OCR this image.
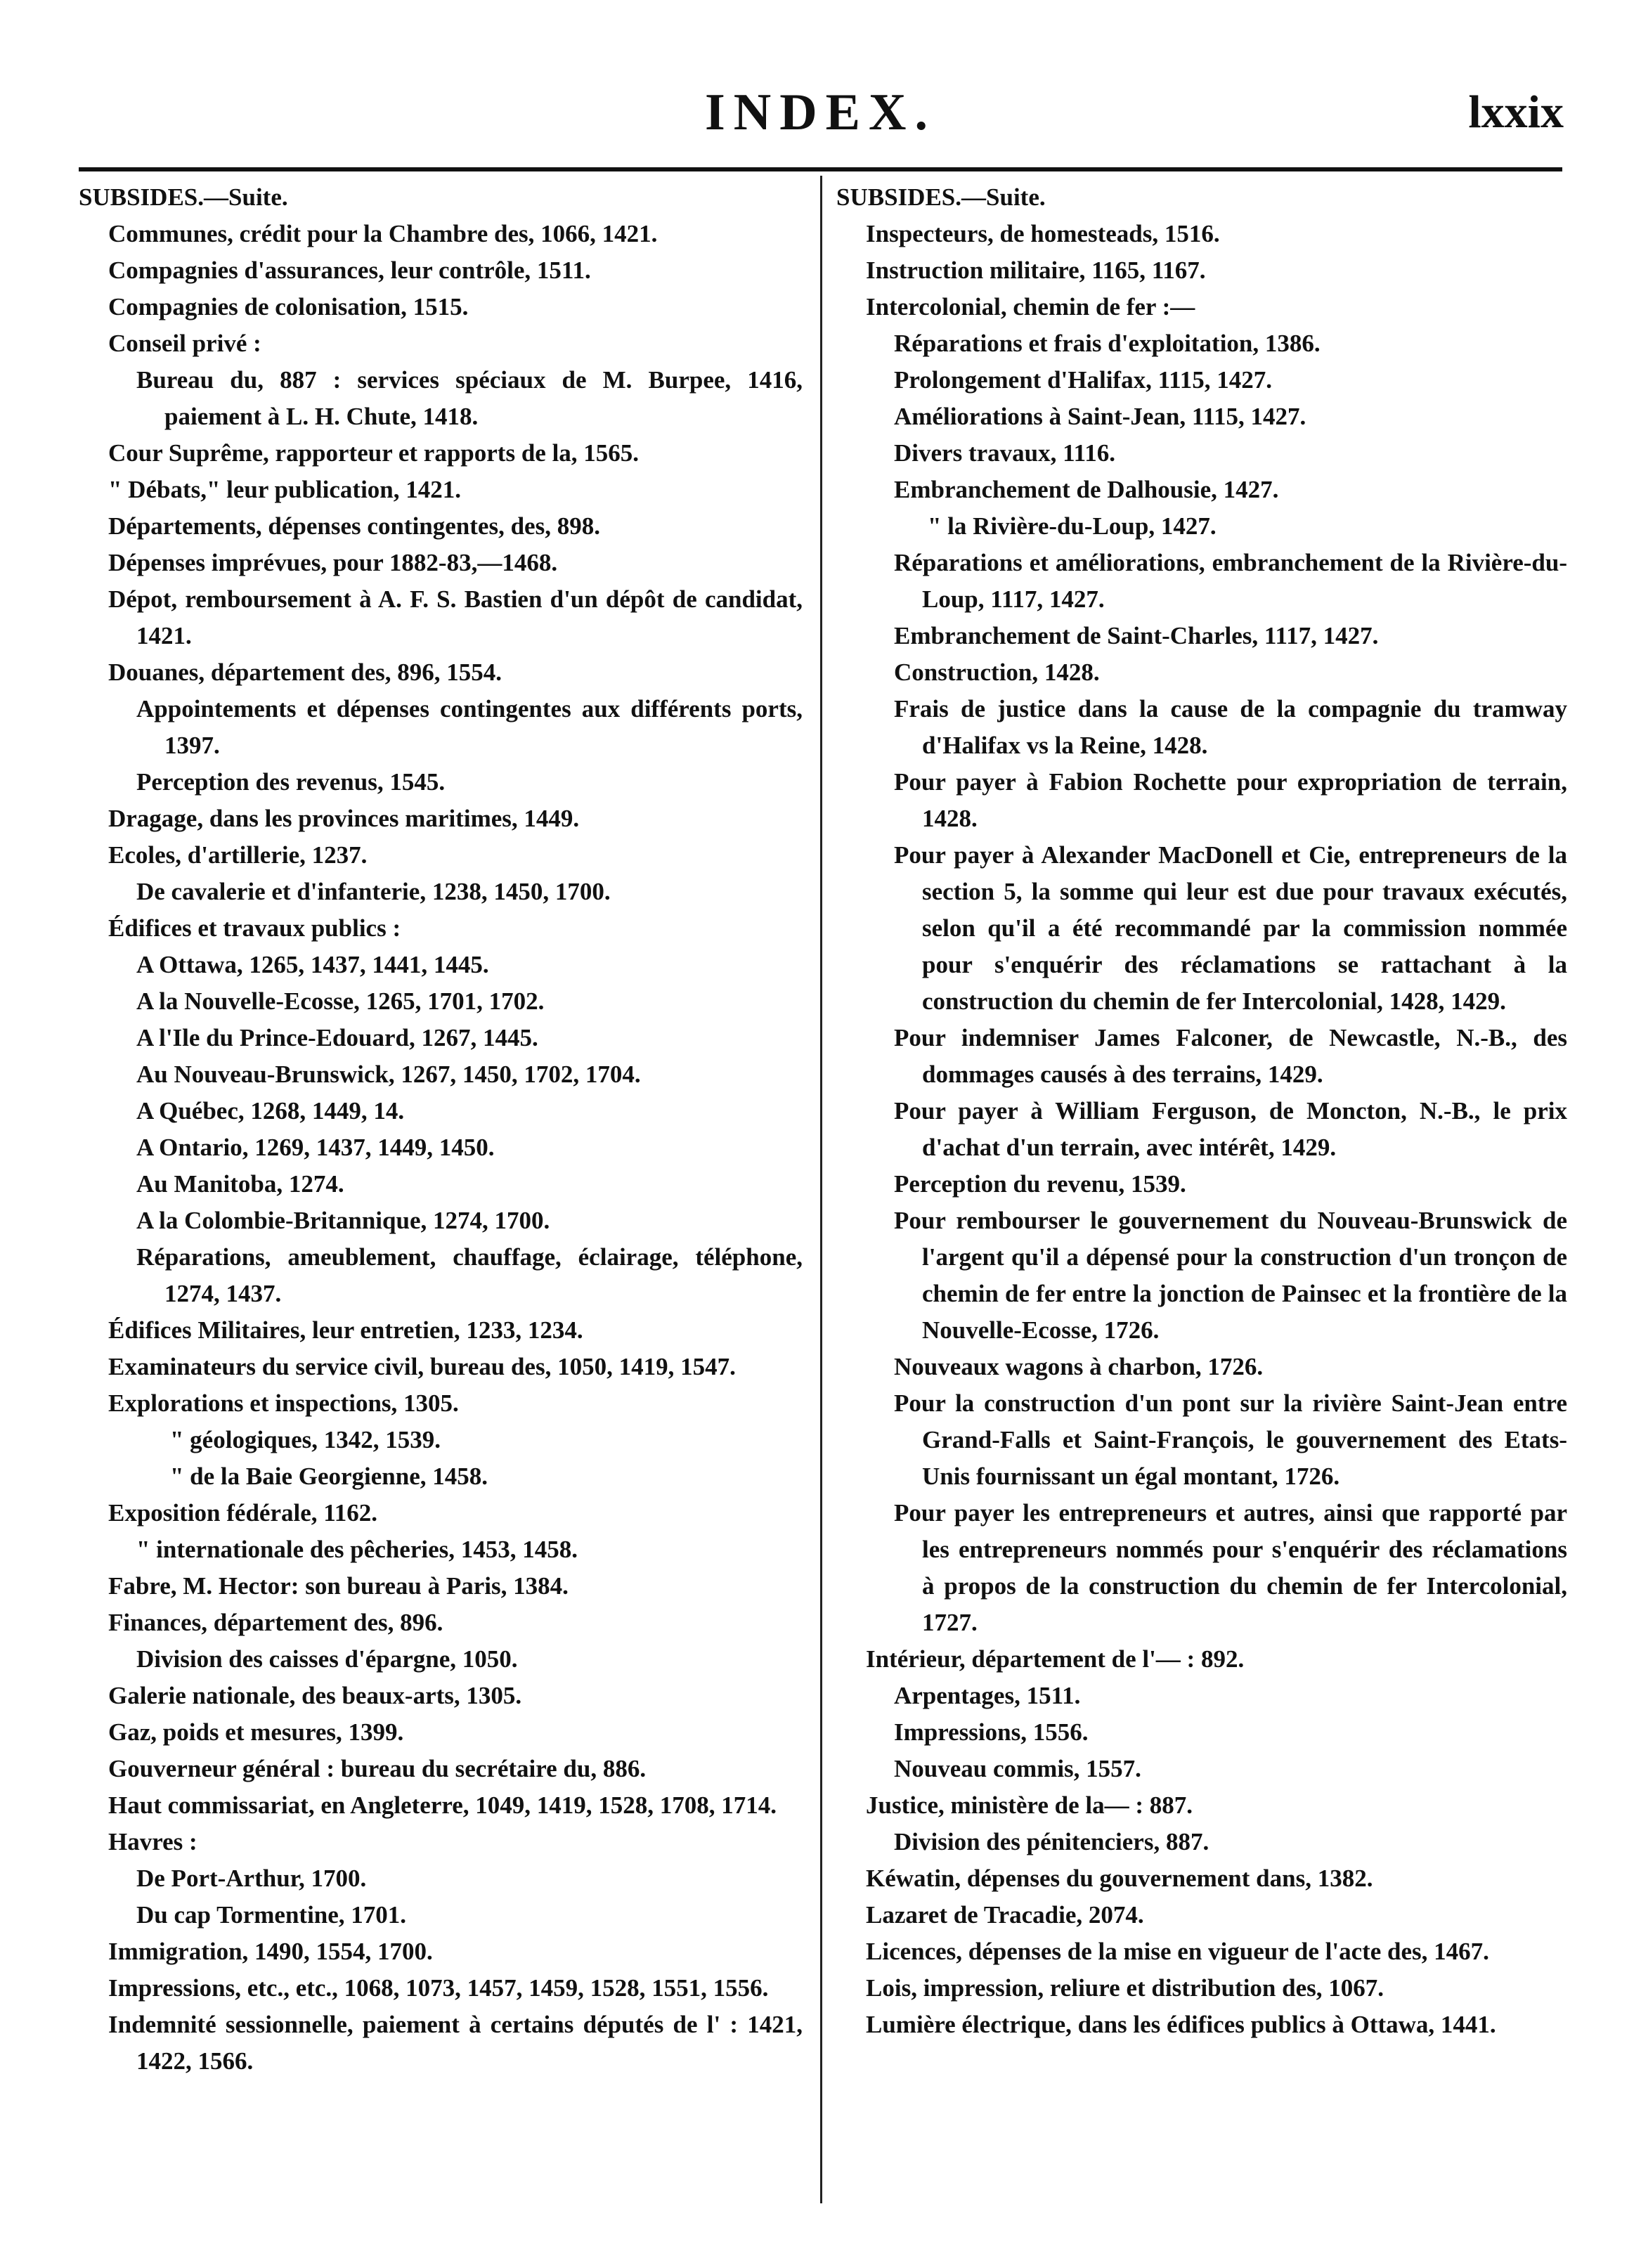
INDEX.	lxxix

SUBSIDES.—Suite.

Communes, crédit pour la Chambre des, 1066, 1421.

Compagnies d'assurances, leur contrôle, 1511.

Compagnies de colonisation, 1515.

Conseil privé :

Bureau du, 887 : services spéciaux de M. Burpee, 1416, paiement à L. H. Chute, 1418.

Cour Suprême, rapporteur et rapports de la, 1565.

" Débats," leur publication, 1421.

Départements, dépenses contingentes, des, 898.

Dépenses imprévues, pour 1882-83,—1468.

Dépot, remboursement à A. F. S. Bastien d'un dépôt de candidat, 1421.

Douanes, département des, 896, 1554.

Appointements et dépenses contingentes aux différents ports, 1397.

Perception des revenus, 1545.

Dragage, dans les provinces maritimes, 1449.

Ecoles, d'artillerie, 1237.

De cavalerie et d'infanterie, 1238, 1450, 1700.

Édifices et travaux publics :

A Ottawa, 1265, 1437, 1441, 1445.

A la Nouvelle-Ecosse, 1265, 1701, 1702.

A l'Ile du Prince-Edouard, 1267, 1445.

Au Nouveau-Brunswick, 1267, 1450, 1702, 1704.

A Québec, 1268, 1449, 14.

A Ontario, 1269, 1437, 1449, 1450.

Au Manitoba, 1274.

A la Colombie-Britannique, 1274, 1700.

Réparations, ameublement, chauffage, éclairage, téléphone, 1274, 1437.

Édifices Militaires, leur entretien, 1233, 1234.

Examinateurs du service civil, bureau des, 1050, 1419, 1547.

Explorations et inspections, 1305.

" géologiques, 1342, 1539.

" de la Baie Georgienne, 1458.

Exposition fédérale, 1162.

" internationale des pêcheries, 1453, 1458.

Fabre, M. Hector: son bureau à Paris, 1384.

Finances, département des, 896.

Division des caisses d'épargne, 1050.

Galerie nationale, des beaux-arts, 1305.

Gaz, poids et mesures, 1399.

Gouverneur général : bureau du secrétaire du, 886.

Haut commissariat, en Angleterre, 1049, 1419, 1528, 1708, 1714.

Havres :

De Port-Arthur, 1700.

Du cap Tormentine, 1701.

Immigration, 1490, 1554, 1700.

Impressions, etc., etc., 1068, 1073, 1457, 1459, 1528, 1551, 1556.

Indemnité sessionnelle, paiement à certains députés de l' : 1421, 1422, 1566.

SUBSIDES.—Suite.

Inspecteurs, de homesteads, 1516.

Instruction militaire, 1165, 1167.

Intercolonial, chemin de fer :—

Réparations et frais d'exploitation, 1386.

Prolongement d'Halifax, 1115, 1427.

Améliorations à Saint-Jean, 1115, 1427.

Divers travaux, 1116.

Embranchement de Dalhousie, 1427.

" la Rivière-du-Loup, 1427.

Réparations et améliorations, embranchement de la Rivière-du-Loup, 1117, 1427.

Embranchement de Saint-Charles, 1117, 1427.

Construction, 1428.

Frais de justice dans la cause de la compagnie du tramway d'Halifax vs la Reine, 1428.

Pour payer à Fabion Rochette pour expropriation de terrain, 1428.

Pour payer à Alexander MacDonell et Cie, entrepreneurs de la section 5, la somme qui leur est due pour travaux exécutés, selon qu'il a été recommandé par la commission nommée pour s'enquérir des réclamations se rattachant à la construction du chemin de fer Intercolonial, 1428, 1429.

Pour indemniser James Falconer, de Newcastle, N.-B., des dommages causés à des terrains, 1429.

Pour payer à William Ferguson, de Moncton, N.-B., le prix d'achat d'un terrain, avec intérêt, 1429.

Perception du revenu, 1539.

Pour rembourser le gouvernement du Nouveau-Brunswick de l'argent qu'il a dépensé pour la construction d'un tronçon de chemin de fer entre la jonction de Painsec et la frontière de la Nouvelle-Ecosse, 1726.

Nouveaux wagons à charbon, 1726.

Pour la construction d'un pont sur la rivière Saint-Jean entre Grand-Falls et Saint-François, le gouvernement des Etats-Unis fournissant un égal montant, 1726.

Pour payer les entrepreneurs et autres, ainsi que rapporté par les entrepreneurs nommés pour s'enquérir des réclamations à propos de la construction du chemin de fer Intercolonial, 1727.

Intérieur, département de l'— : 892.

Arpentages, 1511.

Impressions, 1556.

Nouveau commis, 1557.

Justice, ministère de la— : 887.

Division des pénitenciers, 887.

Kéwatin, dépenses du gouvernement dans, 1382.

Lazaret de Tracadie, 2074.

Licences, dépenses de la mise en vigueur de l'acte des, 1467.

Lois, impression, reliure et distribution des, 1067.

Lumière électrique, dans les édifices publics à Ottawa, 1441.
